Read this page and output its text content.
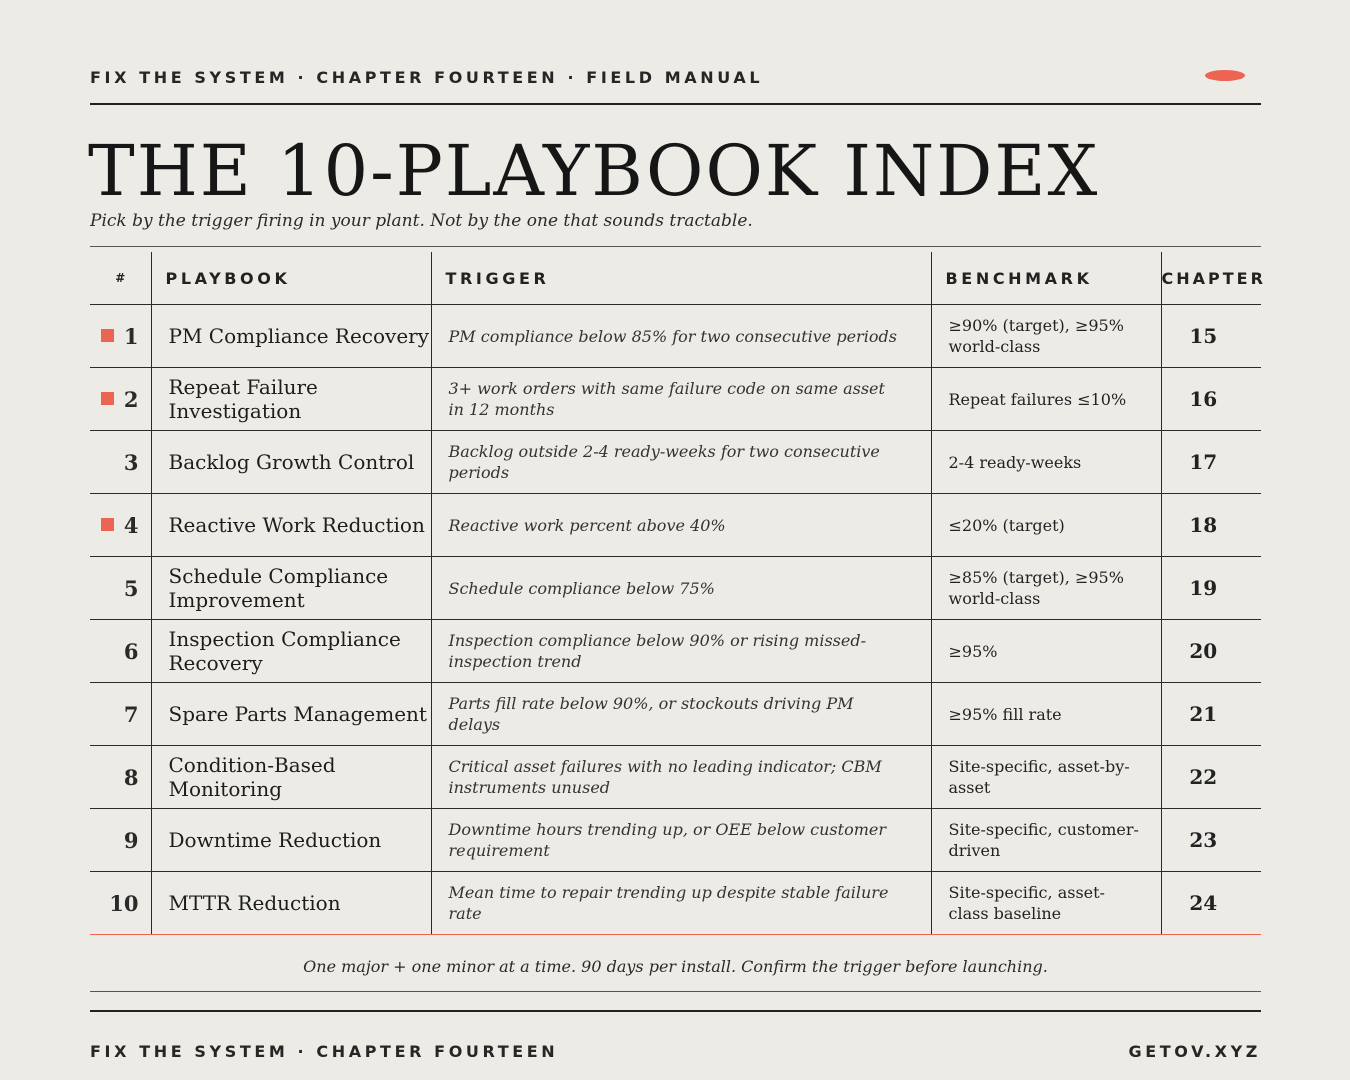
FIX THE SYSTEM · CHAPTER FOURTEEN · FIELD MANUAL
THE 10-PLAYBOOK INDEX
Pick by the trigger firing in your plant. Not by the one that sounds tractable.
#	PLAYBOOK	TRIGGER	BENCHMARK	CHAPTER

1	PM Compliance Recovery	PM compliance below 85% for two consecutive periods	≥90% (target), ≥95% world-class	15

2	Repeat Failure Investigation	3+ work orders with same failure code on same asset in 12 months	Repeat failures ≤10%	16
3	Backlog Growth Control	Backlog outside 2-4 ready-weeks for two consecutive periods	2-4 ready-weeks	17

4	Reactive Work Reduction	Reactive work percent above 40%	≤20% (target)	18
5	Schedule Compliance Improvement	Schedule compliance below 75%	≥85% (target), ≥95% world-class	19
6	Inspection Compliance Recovery	Inspection compliance below 90% or rising missed-inspection trend	≥95%	20
7	Spare Parts Management	Parts fill rate below 90%, or stockouts driving PM delays	≥95% fill rate	21
8	Condition-Based Monitoring	Critical asset failures with no leading indicator; CBM instruments unused	Site-specific, asset-by-asset	22
9	Downtime Reduction	Downtime hours trending up, or OEE below customer requirement	Site-specific, customer-driven	23
10	MTTR Reduction	Mean time to repair trending up despite stable failure rate	Site-specific, asset-class baseline	24
One major + one minor at a time. 90 days per install. Confirm the trigger before launching.
FIX THE SYSTEM · CHAPTER FOURTEEN	GETOV.XYZ
